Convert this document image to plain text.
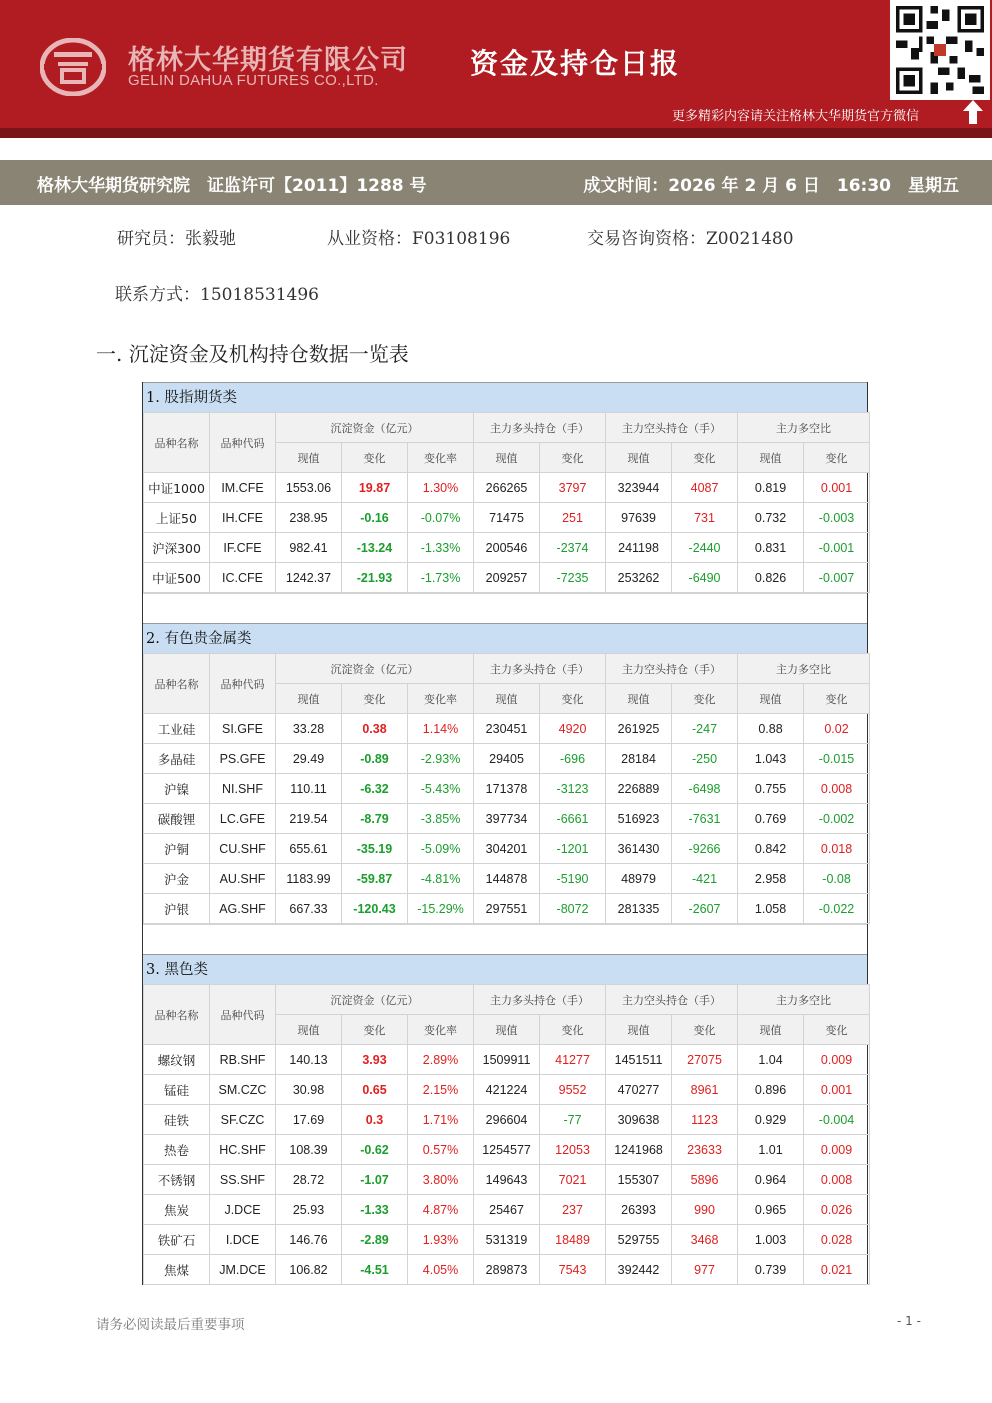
格林大华期货有限公司
GELIN DAHUA FUTURES CO.,LTD.
资金及持仓日报
更多精彩内容请关注格林大华期货官方微信
格林大华期货研究院　证监许可【2011】1288 号	成文时间：2026 年 2 月 6 日　16:30　星期五
研究员：张毅驰	从业资格：F03108196	交易咨询资格：Z0021480
联系方式：15018531496
一. 沉淀资金及机构持仓数据一览表
1. 股指期货类
品种名称	品种代码	沉淀资金（亿元）			主力多头持仓（手）		主力空头持仓（手）		主力多空比	
		现值	变化	变化率	现值	变化	现值	变化	现值	变化
中证1000	IM.CFE	1553.06	19.87	1.30%	266265	3797	323944	4087	0.819	0.001
上证50	IH.CFE	238.95	-0.16	-0.07%	71475	251	97639	731	0.732	-0.003
沪深300	IF.CFE	982.41	-13.24	-1.33%	200546	-2374	241198	-2440	0.831	-0.001
中证500	IC.CFE	1242.37	-21.93	-1.73%	209257	-7235	253262	-6490	0.826	-0.007
2. 有色贵金属类
品种名称	品种代码	沉淀资金（亿元）			主力多头持仓（手）		主力空头持仓（手）		主力多空比	
		现值	变化	变化率	现值	变化	现值	变化	现值	变化
工业硅	SI.GFE	33.28	0.38	1.14%	230451	4920	261925	-247	0.88	0.02
多晶硅	PS.GFE	29.49	-0.89	-2.93%	29405	-696	28184	-250	1.043	-0.015
沪镍	NI.SHF	110.11	-6.32	-5.43%	171378	-3123	226889	-6498	0.755	0.008
碳酸锂	LC.GFE	219.54	-8.79	-3.85%	397734	-6661	516923	-7631	0.769	-0.002
沪铜	CU.SHF	655.61	-35.19	-5.09%	304201	-1201	361430	-9266	0.842	0.018
沪金	AU.SHF	1183.99	-59.87	-4.81%	144878	-5190	48979	-421	2.958	-0.08
沪银	AG.SHF	667.33	-120.43	-15.29%	297551	-8072	281335	-2607	1.058	-0.022
3. 黑色类
品种名称	品种代码	沉淀资金（亿元）			主力多头持仓（手）		主力空头持仓（手）		主力多空比	
		现值	变化	变化率	现值	变化	现值	变化	现值	变化
螺纹钢	RB.SHF	140.13	3.93	2.89%	1509911	41277	1451511	27075	1.04	0.009
锰硅	SM.CZC	30.98	0.65	2.15%	421224	9552	470277	8961	0.896	0.001
硅铁	SF.CZC	17.69	0.3	1.71%	296604	-77	309638	1123	0.929	-0.004
热卷	HC.SHF	108.39	-0.62	0.57%	1254577	12053	1241968	23633	1.01	0.009
不锈钢	SS.SHF	28.72	-1.07	3.80%	149643	7021	155307	5896	0.964	0.008
焦炭	J.DCE	25.93	-1.33	4.87%	25467	237	26393	990	0.965	0.026
铁矿石	I.DCE	146.76	-2.89	1.93%	531319	18489	529755	3468	1.003	0.028
焦煤	JM.DCE	106.82	-4.51	4.05%	289873	7543	392442	977	0.739	0.021
请务必阅读最后重要事项	- 1 -
